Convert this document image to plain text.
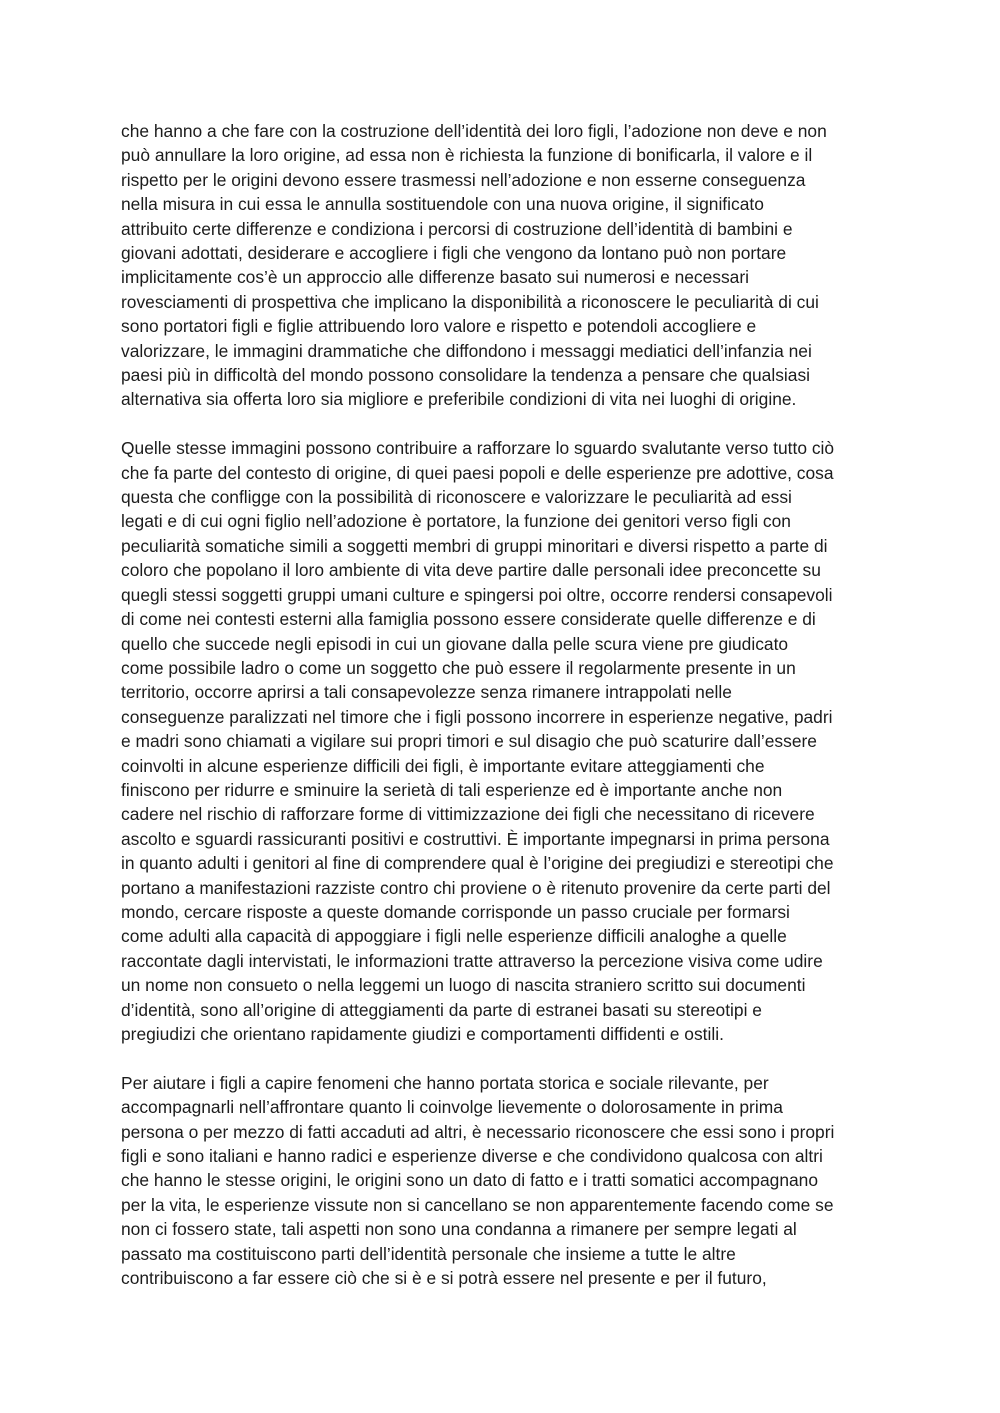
che hanno a che fare con la costruzione dell’identità dei loro figli, l’adozione non deve e non
può annullare la loro origine, ad essa non è richiesta la funzione di bonificarla, il valore e il
rispetto per le origini devono essere trasmessi nell’adozione e non esserne conseguenza
nella misura in cui essa le annulla sostituendole con una nuova origine, il significato
attribuito certe differenze e condiziona i percorsi di costruzione dell’identità di bambini e
giovani adottati, desiderare e accogliere i figli che vengono da lontano può non portare
implicitamente cos’è un approccio alle differenze basato sui numerosi e necessari
rovesciamenti di prospettiva che implicano la disponibilità a riconoscere le peculiarità di cui
sono portatori figli e figlie attribuendo loro valore e rispetto e potendoli accogliere e
valorizzare, le immagini drammatiche che diffondono i messaggi mediatici dell’infanzia nei
paesi più in difficoltà del mondo possono consolidare la tendenza a pensare che qualsiasi
alternativa sia offerta loro sia migliore e preferibile condizioni di vita nei luoghi di origine.

Quelle stesse immagini possono contribuire a rafforzare lo sguardo svalutante verso tutto ciò
che fa parte del contesto di origine, di quei paesi popoli e delle esperienze pre adottive, cosa
questa che confligge con la possibilità di riconoscere e valorizzare le peculiarità ad essi
legati e di cui ogni figlio nell’adozione è portatore, la funzione dei genitori verso figli con
peculiarità somatiche simili a soggetti membri di gruppi minoritari e diversi rispetto a parte di
coloro che popolano il loro ambiente di vita deve partire dalle personali idee preconcette su
quegli stessi soggetti gruppi umani culture e spingersi poi oltre, occorre rendersi consapevoli
di come nei contesti esterni alla famiglia possono essere considerate quelle differenze e di
quello che succede negli episodi in cui un giovane dalla pelle scura viene pre giudicato
come possibile ladro o come un soggetto che può essere il regolarmente presente in un
territorio, occorre aprirsi a tali consapevolezze senza rimanere intrappolati nelle
conseguenze paralizzati nel timore che i figli possono incorrere in esperienze negative, padri
e madri sono chiamati a vigilare sui propri timori e sul disagio che può scaturire dall’essere
coinvolti in alcune esperienze difficili dei figli, è importante evitare atteggiamenti che
finiscono per ridurre e sminuire la serietà di tali esperienze ed è importante anche non
cadere nel rischio di rafforzare forme di vittimizzazione dei figli che necessitano di ricevere
ascolto e sguardi rassicuranti positivi e costruttivi. È importante impegnarsi in prima persona
in quanto adulti i genitori al fine di comprendere qual è l’origine dei pregiudizi e stereotipi che
portano a manifestazioni razziste contro chi proviene o è ritenuto provenire da certe parti del
mondo, cercare risposte a queste domande corrisponde un passo cruciale per formarsi
come adulti alla capacità di appoggiare i figli nelle esperienze difficili analoghe a quelle
raccontate dagli intervistati, le informazioni tratte attraverso la percezione visiva come udire
un nome non consueto o nella leggemi un luogo di nascita straniero scritto sui documenti
d’identità, sono all’origine di atteggiamenti da parte di estranei basati su stereotipi e
pregiudizi che orientano rapidamente giudizi e comportamenti diffidenti e ostili.

Per aiutare i figli a capire fenomeni che hanno portata storica e sociale rilevante, per
accompagnarli nell’affrontare quanto li coinvolge lievemente o dolorosamente in prima
persona o per mezzo di fatti accaduti ad altri, è necessario riconoscere che essi sono i propri
figli e sono italiani e hanno radici e esperienze diverse e che condividono qualcosa con altri
che hanno le stesse origini, le origini sono un dato di fatto e i tratti somatici accompagnano
per la vita, le esperienze vissute non si cancellano se non apparentemente facendo come se
non ci fossero state, tali aspetti non sono una condanna a rimanere per sempre legati al
passato ma costituiscono parti dell’identità personale che insieme a tutte le altre
contribuiscono a far essere ciò che si è e si potrà essere nel presente e per il futuro,
